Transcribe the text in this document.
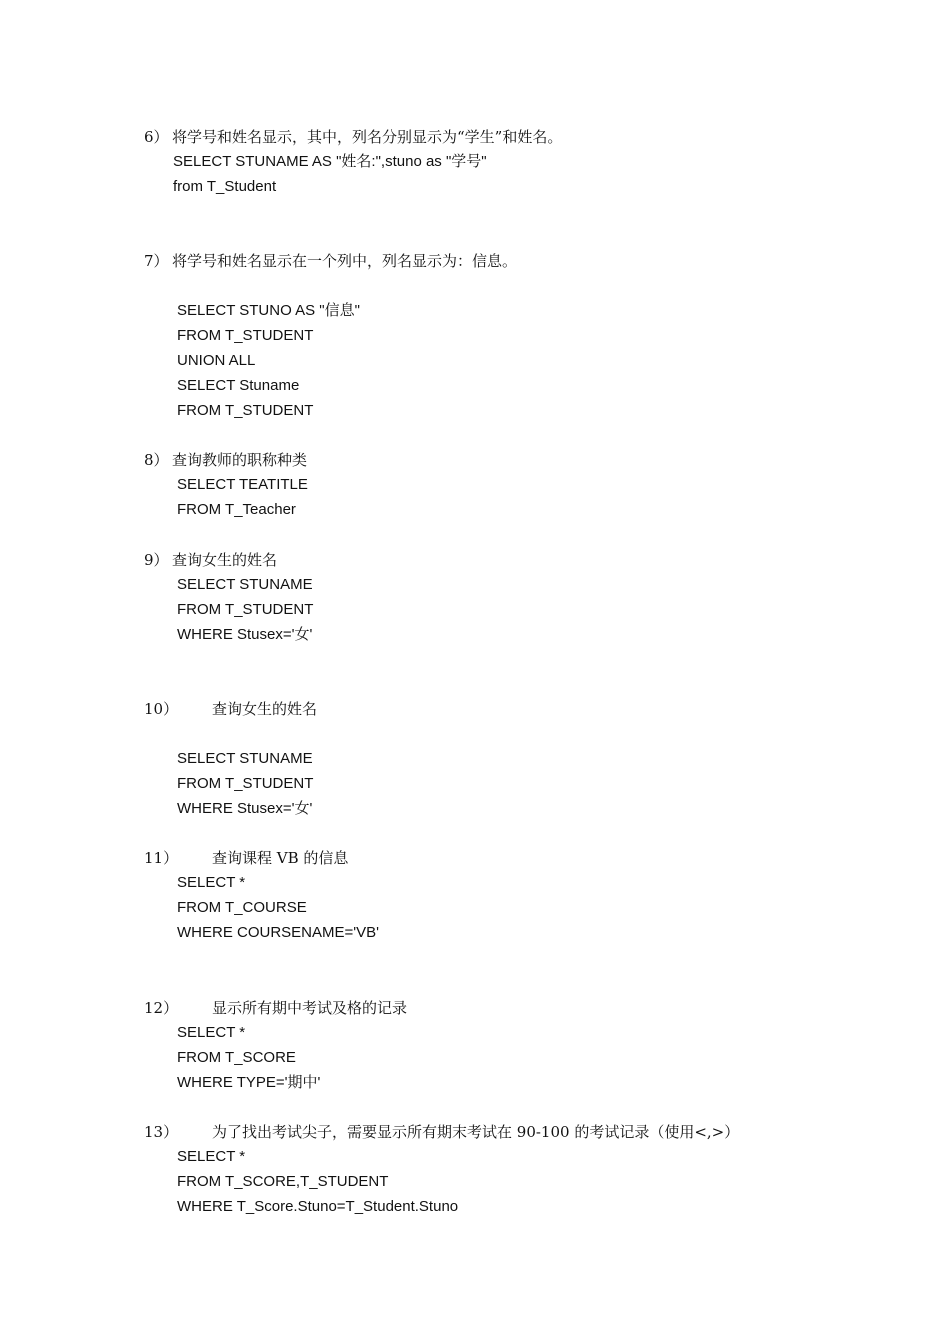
6） 将学号和姓名显示，其中，列名分别显示为“学生”和姓名。
SELECT STUNAME AS "姓名:",stuno as "学号"
from T_Student
7） 将学号和姓名显示在一个列中，列名显示为：信息。
SELECT STUNO AS "信息"
FROM T_STUDENT
UNION ALL
SELECT Stuname
FROM T_STUDENT
8） 查询教师的职称种类
SELECT TEATITLE
FROM T_Teacher
9） 查询女生的姓名
SELECT STUNAME
FROM T_STUDENT
WHERE Stusex='女'
10） 查询女生的姓名
SELECT STUNAME
FROM T_STUDENT
WHERE Stusex='女'
11） 查询课程 VB 的信息
SELECT *
FROM T_COURSE
WHERE COURSENAME='VB'
12） 显示所有期中考试及格的记录
SELECT *
FROM T_SCORE
WHERE TYPE='期中'
13） 为了找出考试尖子，需要显示所有期末考试在 90-100 的考试记录（使用<,>）
SELECT *
FROM T_SCORE,T_STUDENT
WHERE T_Score.Stuno=T_Student.Stuno
